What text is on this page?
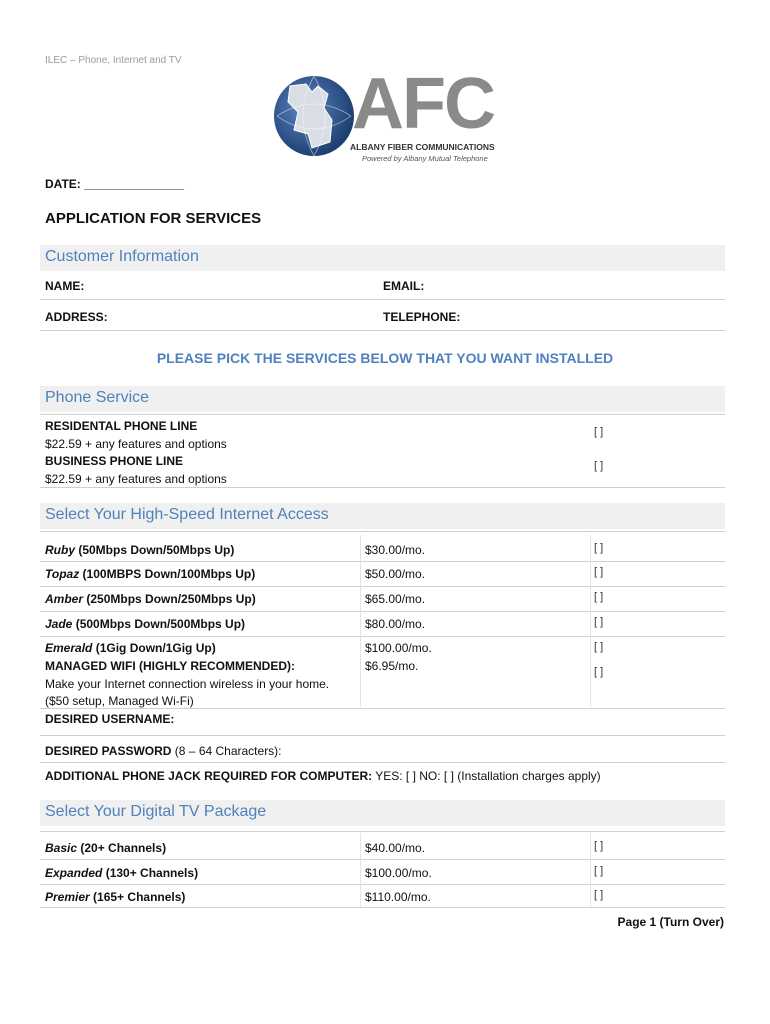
ILEC – Phone, Internet and TV
AFC
ALBANY FIBER COMMUNICATIONS
Powered by Albany Mutual Telephone
DATE: _______________
APPLICATION FOR SERVICES
Customer Information
NAME:	EMAIL:
ADDRESS:	TELEPHONE:
PLEASE PICK THE SERVICES BELOW THAT YOU WANT INSTALLED
Phone Service
RESIDENTAL PHONE LINE
$22.59 + any features and options
[ ]
BUSINESS PHONE LINE
$22.59 + any features and options
[ ]
Select Your High-Speed Internet Access
Ruby (50Mbps Down/50Mbps Up)	$30.00/mo.	[ ]
Topaz (100MBPS Down/100Mbps Up)	$50.00/mo.	[ ]
Amber (250Mbps Down/250Mbps Up)	$65.00/mo.	[ ]
Jade (500Mbps Down/500Mbps Up)	$80.00/mo.	[ ]
Emerald (1Gig Down/1Gig Up)	$100.00/mo.	[ ]
MANAGED WIFI (HIGHLY RECOMMENDED):	$6.95/mo.	[ ]
Make your Internet connection wireless in your home.
($50 setup, Managed Wi-Fi)
DESIRED USERNAME:
DESIRED PASSWORD (8 – 64 Characters):
ADDITIONAL PHONE JACK REQUIRED FOR COMPUTER: YES: [ ] NO: [ ] (Installation charges apply)
Select Your Digital TV Package
Basic (20+ Channels)	$40.00/mo.	[ ]
Expanded (130+ Channels)	$100.00/mo.	[ ]
Premier (165+ Channels)	$110.00/mo.	[ ]
Page 1 (Turn Over)
